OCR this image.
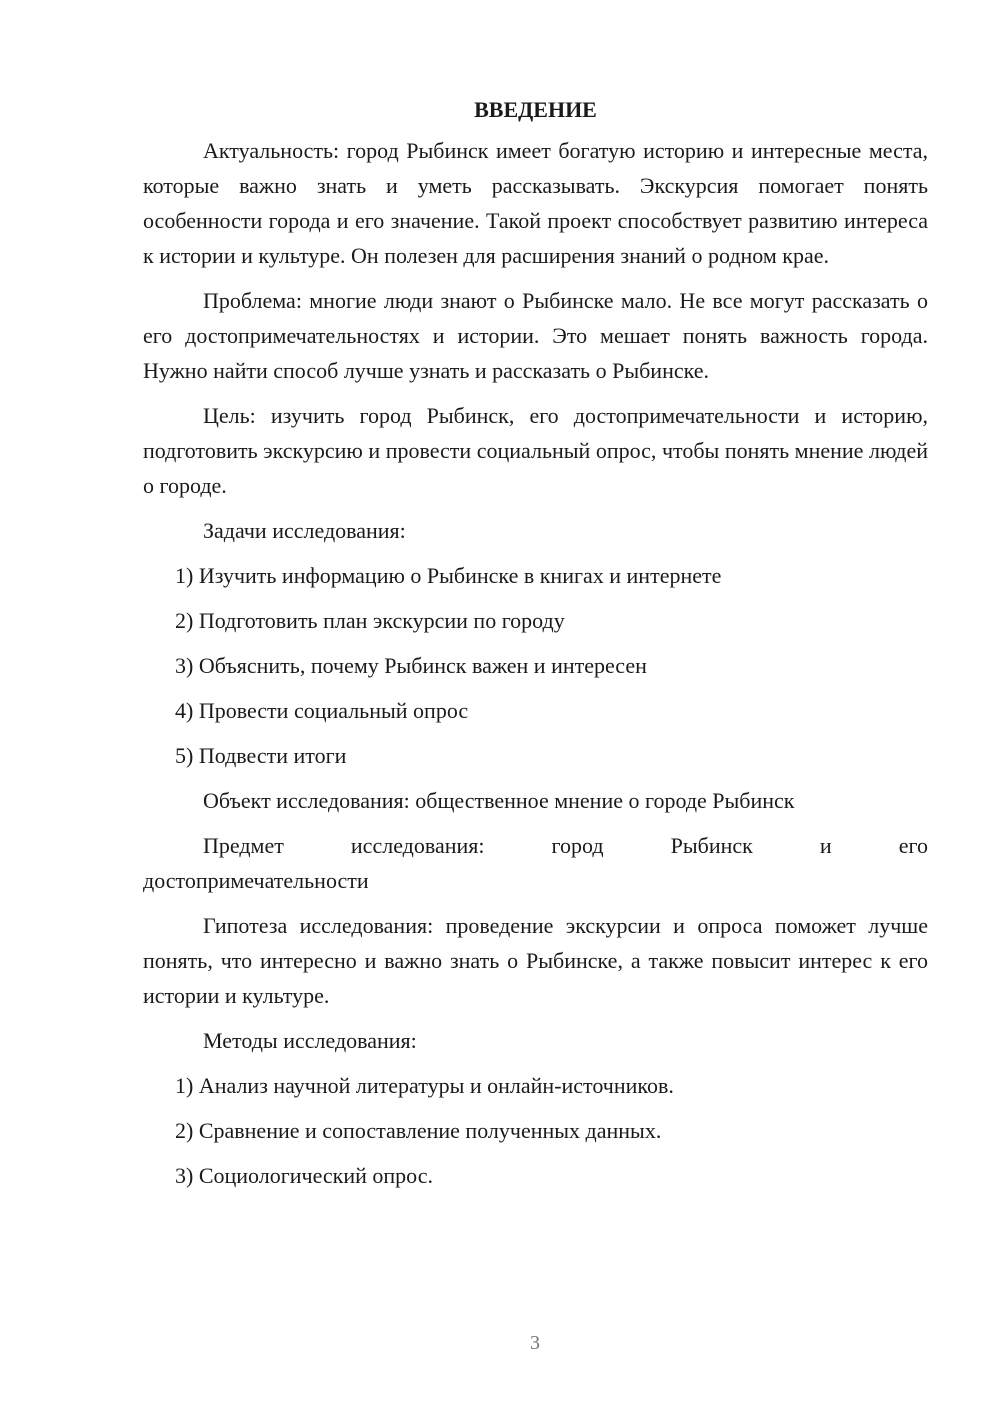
ВВЕДЕНИЕ

Актуальность: город Рыбинск имеет богатую историю и интересные места, которые важно знать и уметь рассказывать. Экскурсия помогает понять особенности города и его значение. Такой проект способствует развитию интереса к истории и культуре. Он полезен для расширения знаний о родном крае.

Проблема: многие люди знают о Рыбинске мало. Не все могут рассказать о его достопримечательностях и истории. Это мешает понять важность города. Нужно найти способ лучше узнать и рассказать о Рыбинске.

Цель: изучить город Рыбинск, его достопримечательности и историю, подготовить экскурсию и провести социальный опрос, чтобы понять мнение людей о городе.

Задачи исследования:
1) Изучить информацию о Рыбинске в книгах и интернете
2) Подготовить план экскурсии по городу
3) Объяснить, почему Рыбинск важен и интересен
4) Провести социальный опрос
5) Подвести итоги
Объект исследования: общественное мнение о городе Рыбинск
Предмет	исследования:	город	Рыбинск	и	его
достопримечательности

Гипотеза исследования: проведение экскурсии и опроса поможет лучше понять, что интересно и важно знать о Рыбинске, а также повысит интерес к его истории и культуре.

Методы исследования:
1) Анализ научной литературы и онлайн-источников.
2) Сравнение и сопоставление полученных данных.
3) Социологический опрос.
3
